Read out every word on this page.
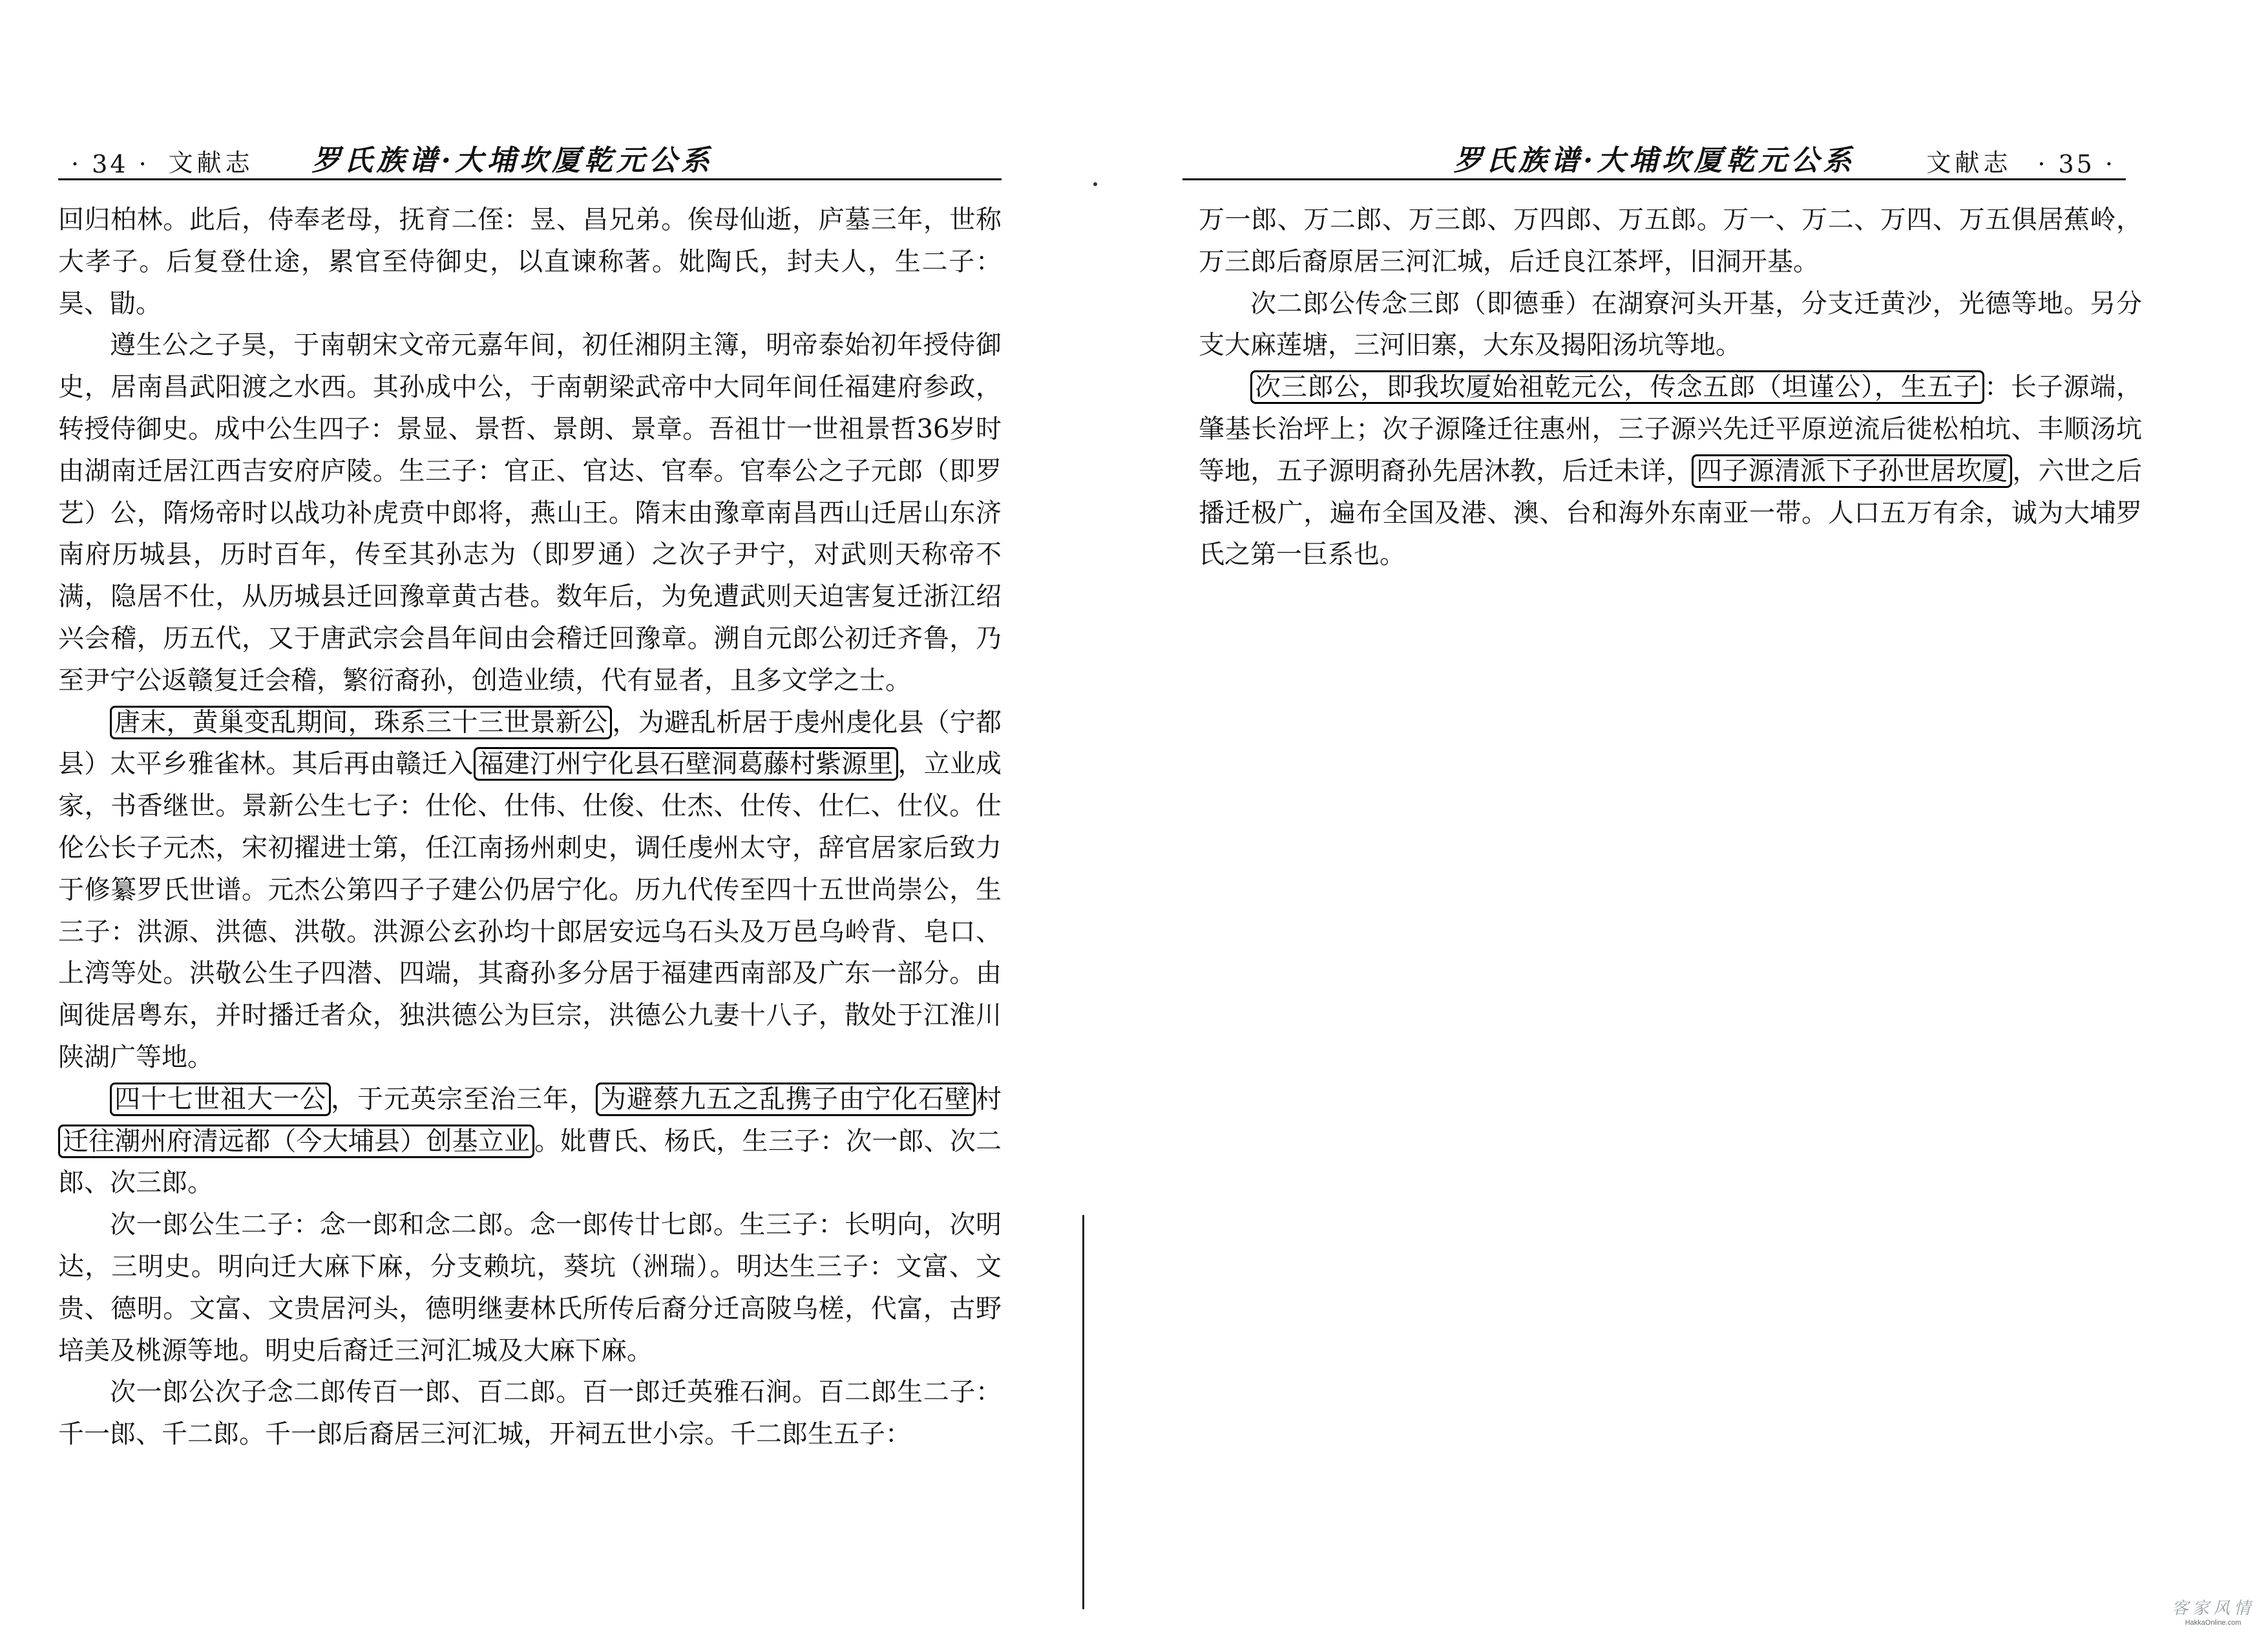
· 34 · 文献志 罗氏族谱·大埔坎厦乾元公系

回归柏林。此后，侍奉老母，抚育二侄：昱、昌兄弟。俟母仙逝，庐墓三年，世称大孝子。后复登仕途，累官至侍御史，以直谏称著。妣陶氏，封夫人，生二子：昊、勖。

遵生公之子昊，于南朝宋文帝元嘉年间，初任湘阴主簿，明帝泰始初年授侍御史，居南昌武阳渡之水西。其孙成中公，于南朝梁武帝中大同年间任福建府参政，转授侍御史。成中公生四子：景显、景哲、景朗、景章。吾祖廿一世祖景哲36岁时由湖南迁居江西吉安府庐陵。生三子：官正、官达、官奉。官奉公之子元郎（即罗艺）公，隋炀帝时以战功补虎贲中郎将，燕山王。隋末由豫章南昌西山迁居山东济南府历城县，历时百年，传至其孙志为（即罗通）之次子尹宁，对武则天称帝不满，隐居不仕，从历城县迁回豫章黄古巷。数年后，为免遭武则天迫害复迁浙江绍兴会稽，历五代，又于唐武宗会昌年间由会稽迁回豫章。溯自元郎公初迁齐鲁，乃至尹宁公返赣复迁会稽，繁衍裔孙，创造业绩，代有显者，且多文学之士。

唐末，黄巢变乱期间，珠系三十三世景新公 ，为避乱析居于虔州虔化县（宁都县）太平乡雅雀林。其后再由赣迁入 福建汀州宁化县石壁洞葛藤村紫源里 ，立业成家，书香继世。景新公生七子：仕伦、仕伟、仕俊、仕杰、仕传、仕仁、仕仪。仕伦公长子元杰，宋初擢进士第，任江南扬州刺史，调任虔州太守，辞官居家后致力于修纂罗氏世谱。元杰公第四子子建公仍居宁化。历九代传至四十五世尚崇公，生三子：洪源、洪德、洪敬。洪源公玄孙均十郎居安远乌石头及万邑乌岭背、皂口、上湾等处。洪敬公生子四潜、四端，其裔孙多分居于福建西南部及广东一部分。由闽徙居粤东，并时播迁者众，独洪德公为巨宗，洪德公九妻十八子，散处于江淮川陕湖广等地。

四十七世祖大一公 ，于元英宗至治三年， 为避蔡九五之乱携子由宁化石壁 村迁往潮州府清远都（今大埔县）创基立业 。妣曹氏、杨氏，生三子：次一郎、次二郎、次三郎。

次一郎公生二子：念一郎和念二郎。念一郎传廿七郎。生三子：长明向，次明达，三明史。明向迁大麻下麻，分支赖坑，葵坑（洲瑞）。明达生三子：文富、文贵、德明。文富、文贵居河头，德明继妻林氏所传后裔分迁高陂乌槎，代富，古野培美及桃源等地。明史后裔迁三河汇城及大麻下麻。

次一郎公次子念二郎传百一郎、百二郎。百一郎迁英雅石涧。百二郎生二子：千一郎、千二郎。千一郎后裔居三河汇城，开祠五世小宗。千二郎生五子：

罗氏族谱·大埔坎厦乾元公系	文献志 · 35 ·

万一郎、万二郎、万三郎、万四郎、万五郎。万一、万二、万四、万五俱居蕉岭，万三郎后裔原居三河汇城，后迁良江茶坪，旧洞开基。

次二郎公传念三郎（即德垂）在湖寮河头开基，分支迁黄沙，光德等地。另分支大麻莲塘，三河旧寨，大东及揭阳汤坑等地。

次三郎公，即我坎厦始祖乾元公，传念五郎（坦谨公），生五子 ：长子源端，肇基长治坪上；次子源隆迁往惠州，三子源兴先迁平原逆流后徙松柏坑、丰顺汤坑等地，五子源明裔孙先居沐教，后迁未详， 四子源清派下子孙世居坎厦 ，六世之后播迁极广，遍布全国及港、澳、台和海外东南亚一带。人口五万有余，诚为大埔罗氏之第一巨系也。

客家风情
HakkaOnline.com
